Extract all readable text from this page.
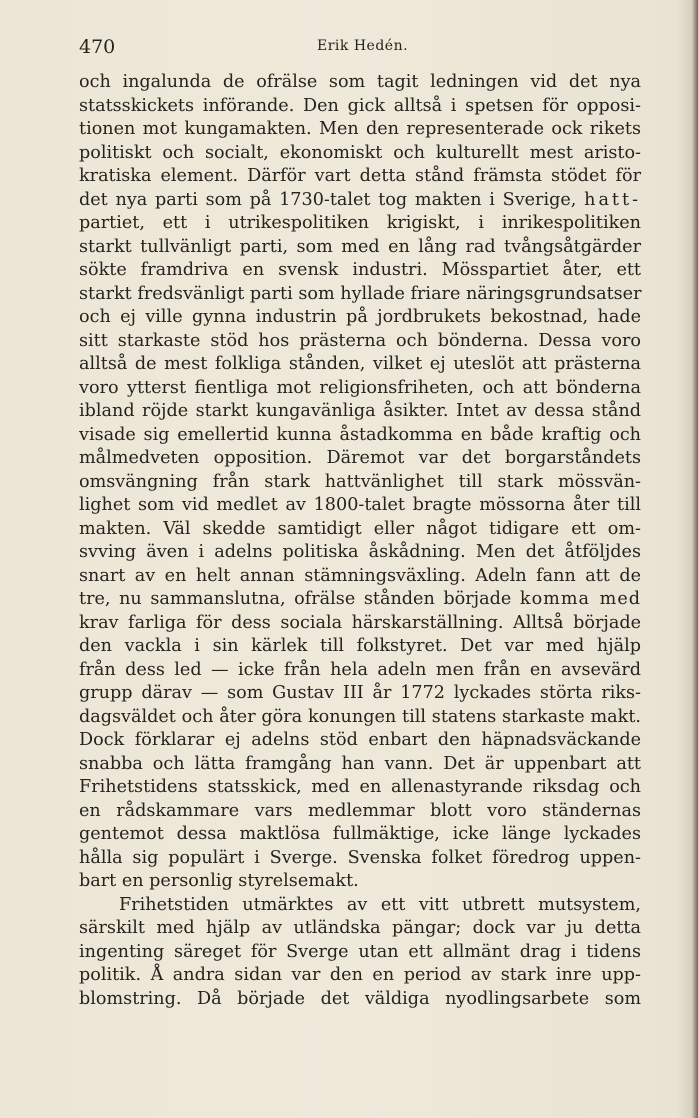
470	Erik Hedén.
och ingalunda de ofrälse som tagit ledningen vid det nya
statsskickets införande. Den gick alltså i spetsen för opposi-
tionen mot kungamakten. Men den representerade ock rikets
politiskt och socialt, ekonomiskt och kulturellt mest aristo-
kratiska element. Därför vart detta stånd främsta stödet för
det nya parti som på 1730-talet tog makten i Sverige, hatt-
partiet, ett i utrikespolitiken krigiskt, i inrikespolitiken
starkt tullvänligt parti, som med en lång rad tvångsåtgärder
sökte framdriva en svensk industri. Mösspartiet åter, ett
starkt fredsvänligt parti som hyllade friare näringsgrundsatser
och ej ville gynna industrin på jordbrukets bekostnad, hade
sitt starkaste stöd hos prästerna och bönderna. Dessa voro
alltså de mest folkliga stånden, vilket ej uteslöt att prästerna
voro ytterst fientliga mot religionsfriheten, och att bönderna
ibland röjde starkt kungavänliga åsikter. Intet av dessa stånd
visade sig emellertid kunna åstadkomma en både kraftig och
målmedveten opposition. Däremot var det borgarståndets
omsvängning från stark hattvänlighet till stark mössvän-
lighet som vid medlet av 1800-talet bragte mössorna åter till
makten. Väl skedde samtidigt eller något tidigare ett om-
svving även i adelns politiska åskådning. Men det åtföljdes
snart av en helt annan stämningsväxling. Adeln fann att de
tre, nu sammanslutna, ofrälse stånden började komma med
krav farliga för dess sociala härskarställning. Alltså började
den vackla i sin kärlek till folkstyret. Det var med hjälp
från dess led — icke från hela adeln men från en avsevärd
grupp därav — som Gustav III år 1772 lyckades störta riks-
dagsväldet och åter göra konungen till statens starkaste makt.
Dock förklarar ej adelns stöd enbart den häpnadsväckande
snabba och lätta framgång han vann. Det är uppenbart att
Frihetstidens statsskick, med en allenastyrande riksdag och
en rådskammare vars medlemmar blott voro ständernas
gentemot dessa maktlösa fullmäktige, icke länge lyckades
hålla sig populärt i Sverge. Svenska folket föredrog uppen-
bart en personlig styrelsemakt.
Frihetstiden utmärktes av ett vitt utbrett mutsystem,
särskilt med hjälp av utländska pängar; dock var ju detta
ingenting säreget för Sverge utan ett allmänt drag i tidens
politik. Å andra sidan var den en period av stark inre upp-
blomstring. Då började det väldiga nyodlingsarbete som
